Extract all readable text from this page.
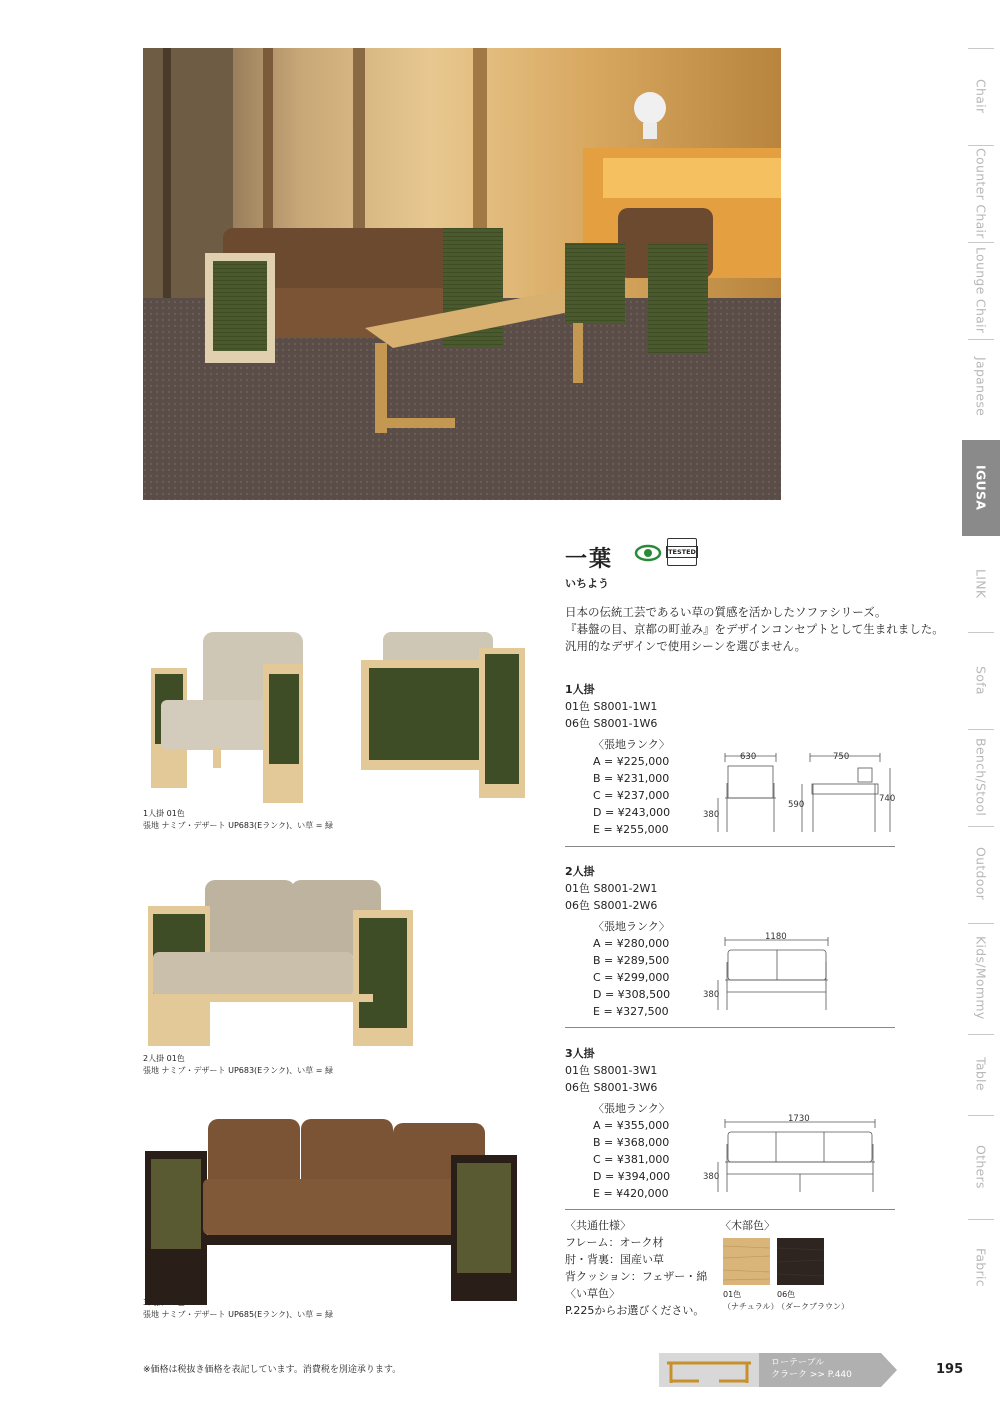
Chair
Counter Chair
Lounge Chair
Japanese
IGUSA
LINK
Sofa
Bench/Stool
Outdoor
Kids/Mommy
Table
Others
Fabric
一葉
いちよう
TESTED
日本の伝統工芸であるい草の質感を活かしたソファシリーズ。
『碁盤の目、京都の町並み』をデザインコンセプトとして生まれました。
汎用的なデザインで使用シーンを選びません。
1人掛
01色 S8001-1W1
06色 S8001-1W6
〈張地ランク〉
A = ¥225,000
B = ¥231,000
C = ¥237,000
D = ¥243,000
E = ¥255,000
630	750
380
590
740
2人掛
01色 S8001-2W1
06色 S8001-2W6
〈張地ランク〉
A = ¥280,000
B = ¥289,500
C = ¥299,000
D = ¥308,500
E = ¥327,500
1180
380
3人掛
01色 S8001-3W1
06色 S8001-3W6
〈張地ランク〉
A = ¥355,000
B = ¥368,000
C = ¥381,000
D = ¥394,000
E = ¥420,000
1730
380
〈共通仕様〉
フレーム：オーク材
肘・背裏：国産い草
背クッション：フェザー・綿
〈い草色〉
P.225からお選びください。
〈木部色〉
01色
（ナチュラル）
06色
（ダークブラウン）
1人掛 01色
張地 ナミブ・デザート UP683(Eランク)、い草 = 緑
2人掛 01色
張地 ナミブ・デザート UP683(Eランク)、い草 = 緑
3人掛 06色
張地 ナミブ・デザート UP685(Eランク)、い草 = 緑
※価格は税抜き価格を表記しています。消費税を別途承ります。
ローテーブル
クラーク >> P.440	195
